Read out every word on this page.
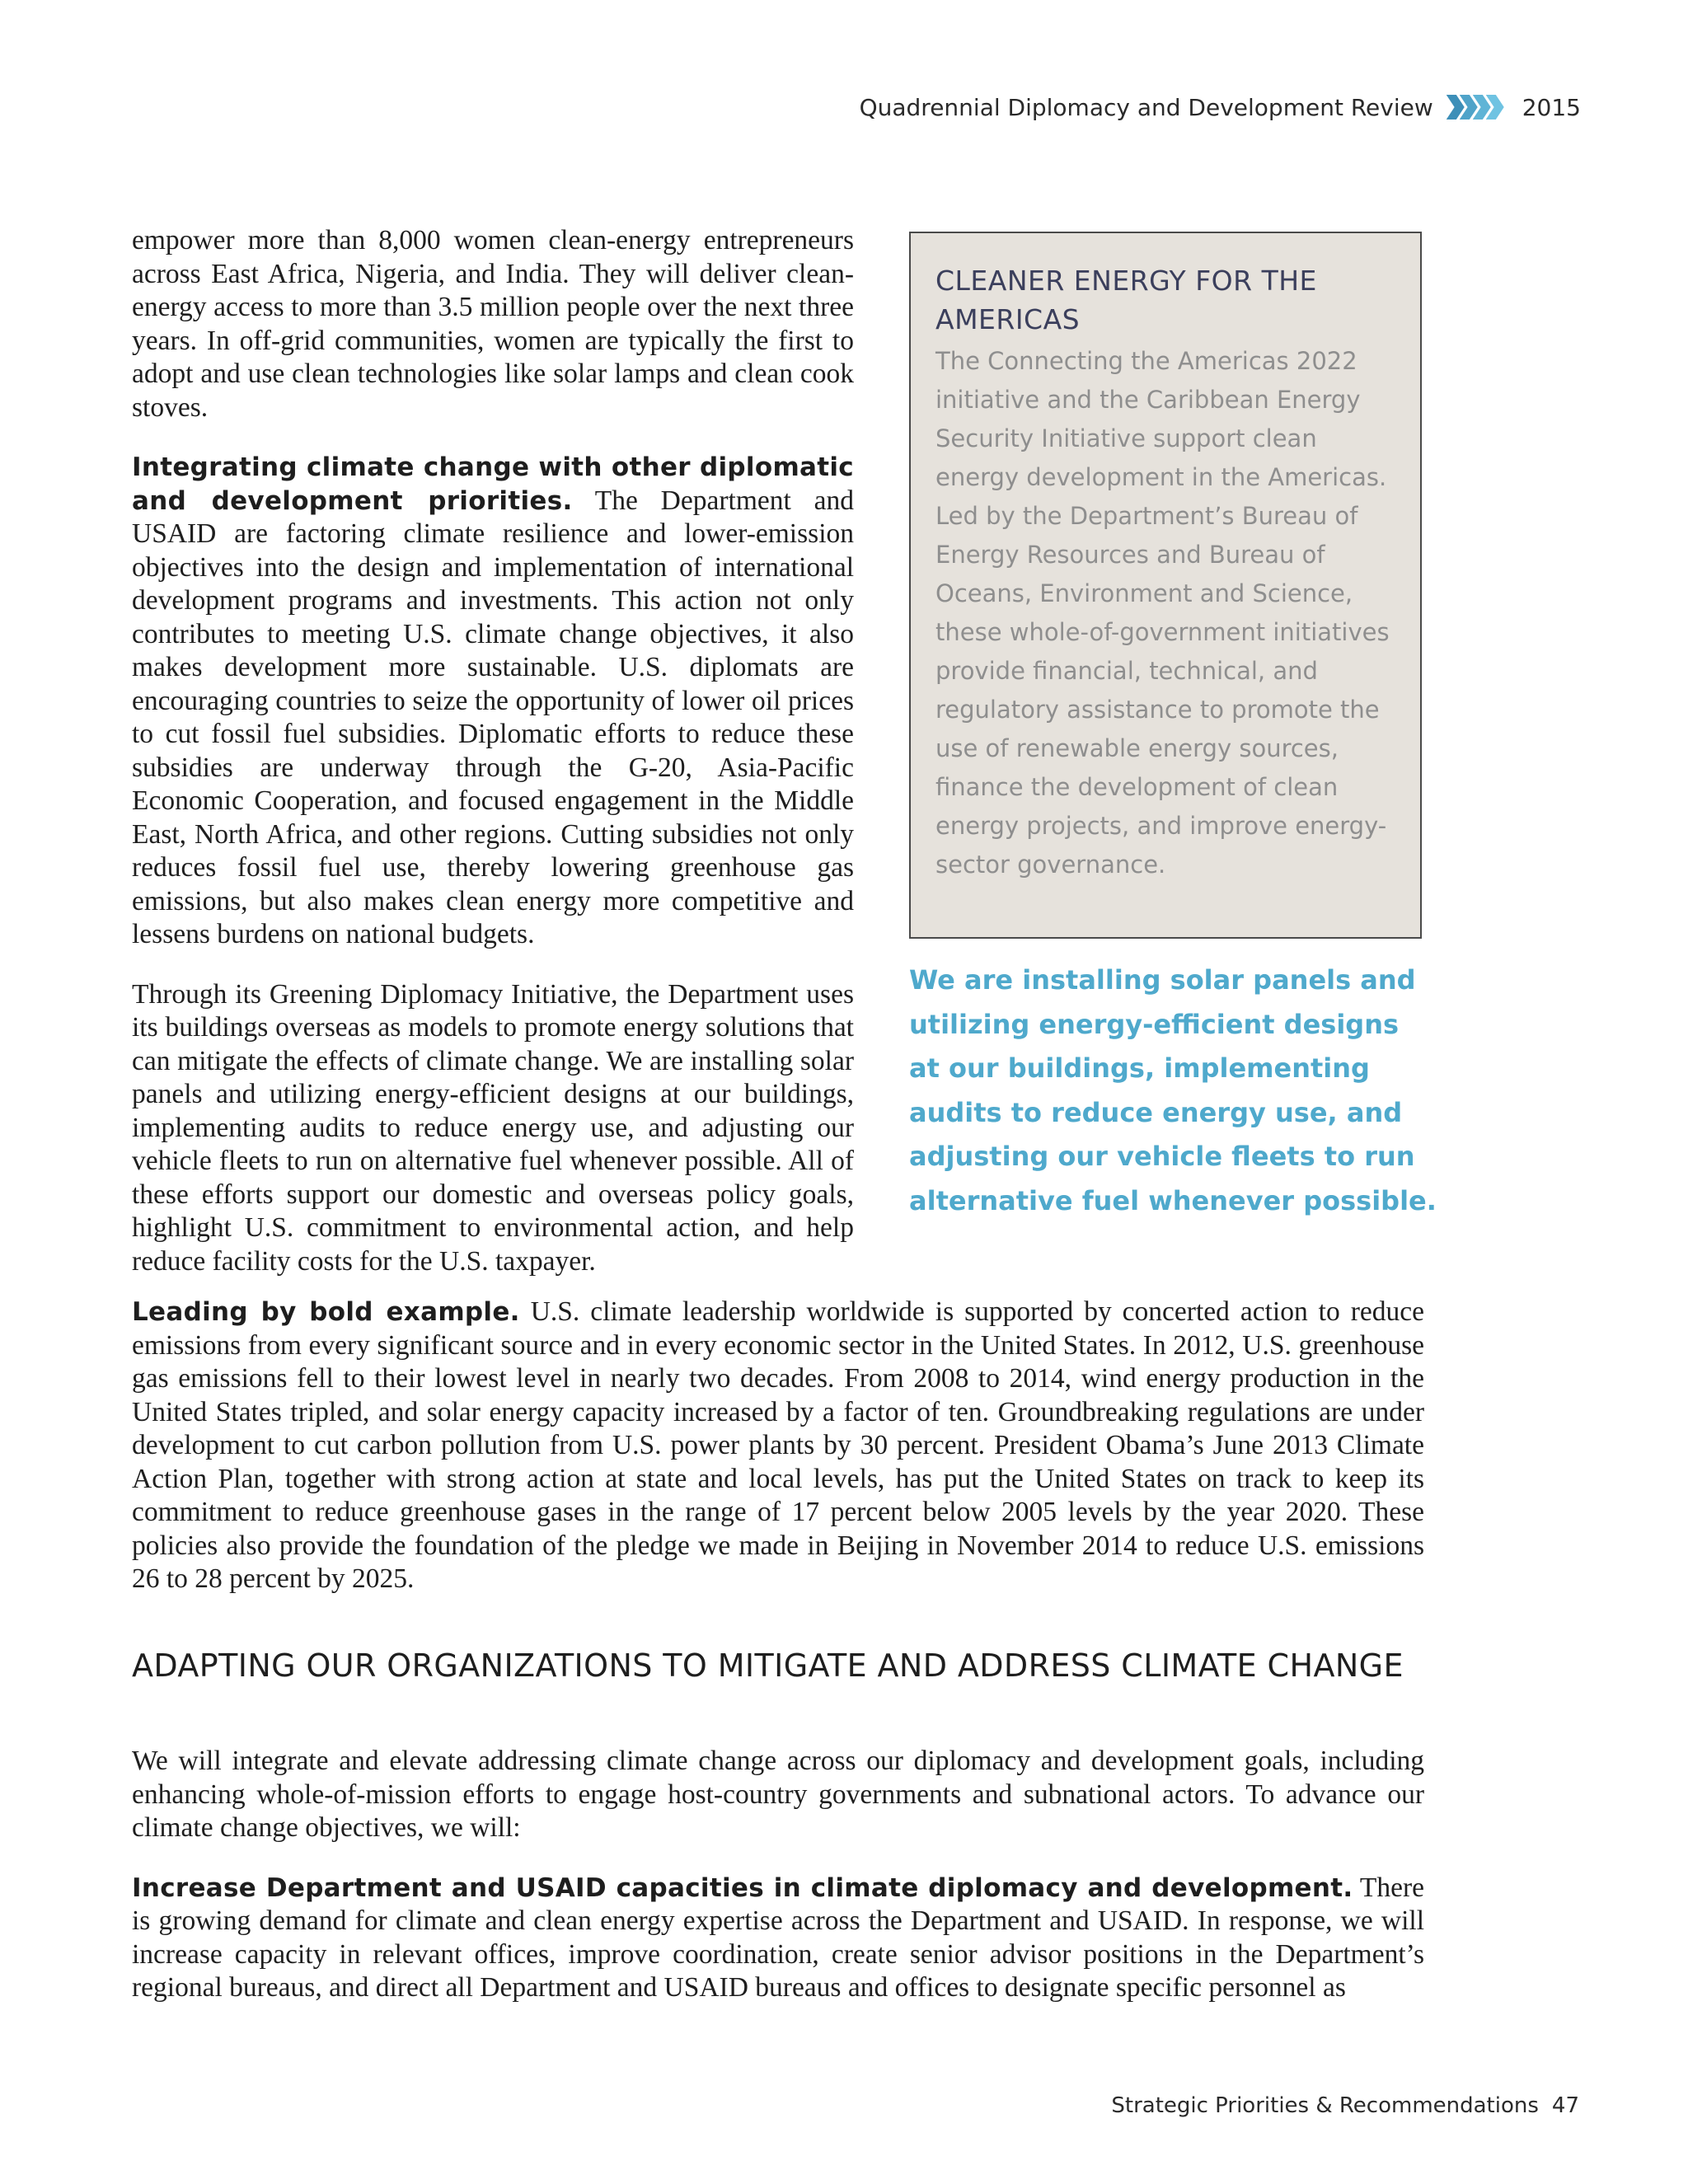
Quadrennial Diplomacy and Development Review	2015

empower more than 8,000 women clean-energy entrepreneurs across East Africa, Nigeria, and India. They will deliver clean-energy access to more than 3.5 million people over the next three years. In off-grid communities, women are typically the first to adopt and use clean technologies like solar lamps and clean cook stoves.

Integrating climate change with other diplomatic and development priorities. The Department and USAID are factoring climate resilience and lower-emission objectives into the design and implementation of international development programs and investments. This action not only contributes to meeting U.S. climate change objectives, it also makes development more sustainable. U.S. diplomats are encouraging countries to seize the opportunity of lower oil prices to cut fossil fuel subsidies. Diplomatic efforts to reduce these subsidies are underway through the G-20, Asia-Pacific Economic Cooperation, and focused engagement in the Middle East, North Africa, and other regions. Cutting subsidies not only reduces fossil fuel use, thereby lowering greenhouse gas emissions, but also makes clean energy more competitive and lessens burdens on national budgets.

Through its Greening Diplomacy Initiative, the Department uses its buildings overseas as models to promote energy solutions that can mitigate the effects of climate change. We are installing solar panels and utilizing energy-efficient designs at our buildings, implementing audits to reduce energy use, and adjusting our vehicle fleets to run on alternative fuel whenever possible. All of these efforts support our domestic and overseas policy goals, highlight U.S. commitment to environmental action, and help reduce facility costs for the U.S. taxpayer.

CLEANER ENERGY FOR THE AMERICAS

The Connecting the Americas 2022 initiative and the Caribbean Energy Security Initiative support clean energy development in the Americas. Led by the Department’s Bureau of Energy Resources and Bureau of Oceans, Environment and Science, these whole-of-government initiatives provide financial, technical, and regulatory assistance to promote the use of renewable energy sources, finance the development of clean energy projects, and improve energy-sector governance.

We are installing solar panels and utilizing energy-efficient designs at our buildings, implementing audits to reduce energy use, and adjusting our vehicle fleets to run alternative fuel whenever possible.

Leading by bold example. U.S. climate leadership worldwide is supported by concerted action to reduce emissions from every significant source and in every economic sector in the United States. In 2012, U.S. greenhouse gas emissions fell to their lowest level in nearly two decades. From 2008 to 2014, wind energy production in the United States tripled, and solar energy capacity increased by a factor of ten. Groundbreaking regulations are under development to cut carbon pollution from U.S. power plants by 30 percent. President Obama’s June 2013 Climate Action Plan, together with strong action at state and local levels, has put the United States on track to keep its commitment to reduce greenhouse gases in the range of 17 percent below 2005 levels by the year 2020. These policies also provide the foundation of the pledge we made in Beijing in November 2014 to reduce U.S. emissions 26 to 28 percent by 2025.

ADAPTING OUR ORGANIZATIONS TO MITIGATE AND ADDRESS CLIMATE CHANGE

We will integrate and elevate addressing climate change across our diplomacy and development goals, including enhancing whole-of-mission efforts to engage host-country governments and subnational actors. To advance our climate change objectives, we will:

Increase Department and USAID capacities in climate diplomacy and development. There is growing demand for climate and clean energy expertise across the Department and USAID. In response, we will increase capacity in relevant offices, improve coordination, create senior advisor positions in the Department’s regional bureaus, and direct all Department and USAID bureaus and offices to designate specific personnel as

Strategic Priorities & Recommendations 47
